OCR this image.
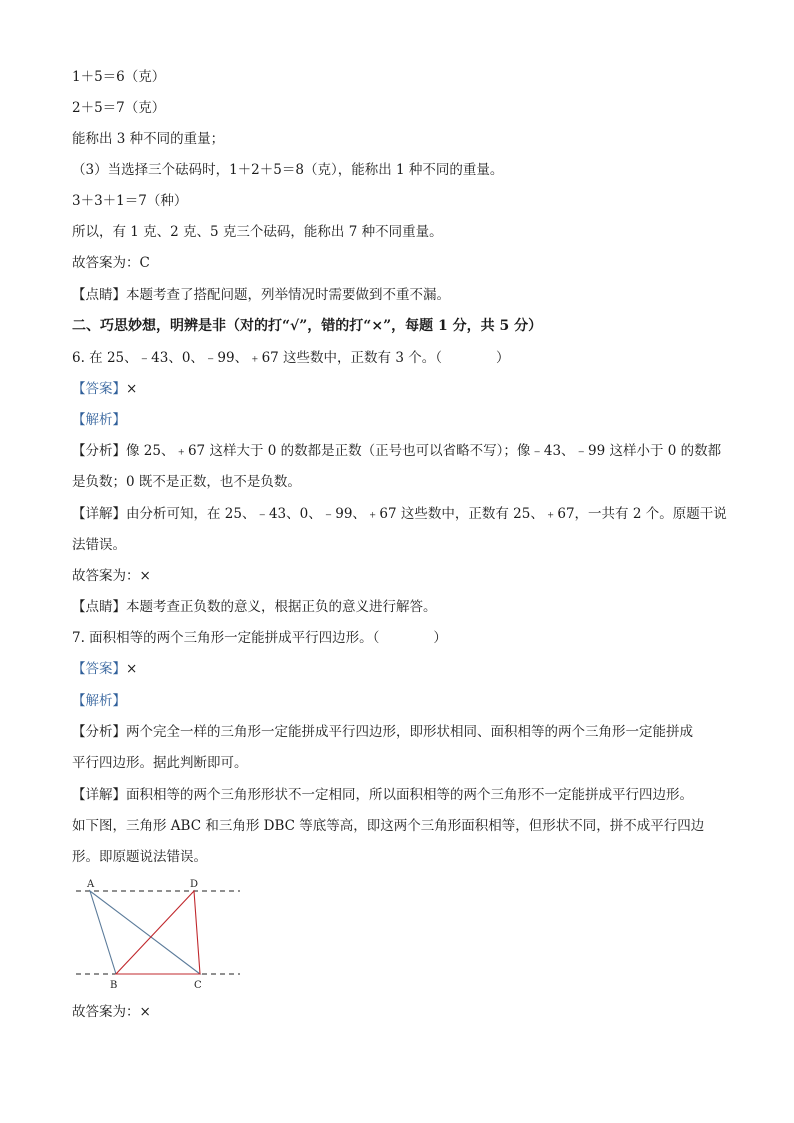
1＋5＝6（克）
2＋5＝7（克）
能称出 3 种不同的重量；
（3）当选择三个砝码时，1＋2＋5＝8（克），能称出 1 种不同的重量。
3＋3＋1＝7（种）
所以，有 1 克、2 克、5 克三个砝码，能称出 7 种不同重量。
故答案为：C
【点睛】本题考查了搭配问题，列举情况时需要做到不重不漏。
二、巧思妙想，明辨是非（对的打“√”，错的打“×”，每题 1 分，共 5 分）
6. 在 25、﹣43、0、﹣99、﹢67 这些数中，正数有 3 个。（　　　　）
【答案】×
【解析】
【分析】像 25、﹢67 这样大于 0 的数都是正数（正号也可以省略不写）；像﹣43、﹣99 这样小于 0 的数都
是负数；0 既不是正数，也不是负数。
【详解】由分析可知，在 25、﹣43、0、﹣99、﹢67 这些数中，正数有 25、﹢67，一共有 2 个。原题干说
法错误。
故答案为：×
【点睛】本题考查正负数的意义，根据正负的意义进行解答。
7. 面积相等的两个三角形一定能拼成平行四边形。（　　　　）
【答案】×
【解析】
【分析】两个完全一样的三角形一定能拼成平行四边形，即形状相同、面积相等的两个三角形一定能拼成
平行四边形。据此判断即可。
【详解】面积相等的两个三角形形状不一定相同，所以面积相等的两个三角形不一定能拼成平行四边形。
如下图，三角形 ABC 和三角形 DBC 等底等高，即这两个三角形面积相等，但形状不同，拼不成平行四边
形。即原题说法错误。
A	D
B	C
故答案为：×
